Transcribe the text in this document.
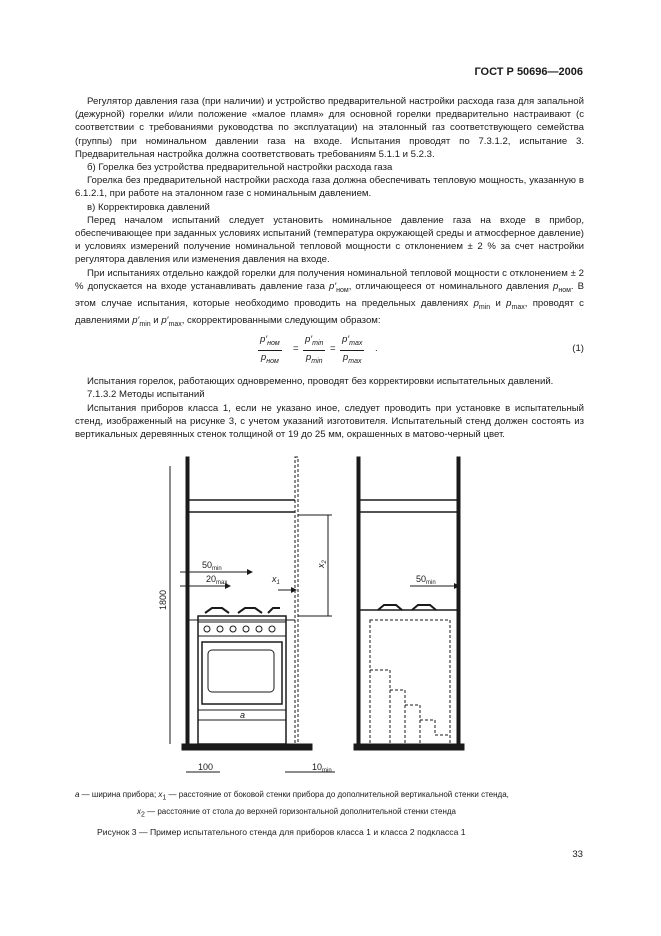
ГОСТ Р 50696—2006

Регулятор давления газа (при наличии) и устройство предварительной настройки расхода газа для запальной (дежурной) горелки и/или положение «малое пламя» для основной горелки предварительно настраивают (с соответствии с требованиями руководства по эксплуатации) на эталонный газ соответствующего семейства (группы) при номинальном давлении газа на входе. Испытания проводят по 7.3.1.2, испытание 3. Предварительная настройка должна соответствовать требованиям 5.1.1 и 5.2.3.

б) Горелка без устройства предварительной настройки расхода газа

Горелка без предварительной настройки расхода газа должна обеспечивать тепловую мощность, указанную в 6.1.2.1, при работе на эталонном газе с номинальным давлением.

в) Корректировка давлений

Перед началом испытаний следует установить номинальное давление газа на входе в прибор, обеспечивающее при заданных условиях испытаний (температура окружающей среды и атмосферное давление) и условиях измерений получение номинальной тепловой мощности с отклонением ± 2 % за счет настройки регулятора давления или изменения давления на входе.

При испытаниях отдельно каждой горелки для получения номинальной тепловой мощности с отклонением ± 2 % допускается на входе устанавливать давление газа $p'_{ном}$, отличающееся от номинального давления $p_{ном}$. В этом случае испытания, которые необходимо проводить на предельных давлениях $p_{min}$ и $p_{max}$, проводят с давлениями $p'_{min}$ и $p'_{max}$, скорректированными следующим образом:

$p'_{ном}$
$p_{ном}$
=
$p'_{min}$
$p_{min}$
=
$p'_{max}$
$p_{max}$
.	(1)

Испытания горелок, работающих одновременно, проводят без корректировки испытательных давлений.

7.1.3.2 Методы испытаний

Испытания приборов класса 1, если не указано иное, следует проводить при установке в испытательный стенд, изображенный на рисунке 3, с учетом указаний изготовителя. Испытательный стенд должен состоять из вертикальных деревянных стенок толщиной от 19 до 25 мм, окрашенных в матово-черный цвет.

1800
$50_{min}$
$20_{max}$	$x_1$
$x_2$
a
100	$10_{min}$
$50_{min}$
a — ширина прибора; $x_1$ — расстояние от боковой стенки прибора до дополнительной вертикальной стенки стенда,
$x_2$ — расстояние от стола до верхней горизонтальной дополнительной стенки стенда
Рисунок 3 — Пример испытательного стенда для приборов класса 1 и класса 2 подкласса 1
33
